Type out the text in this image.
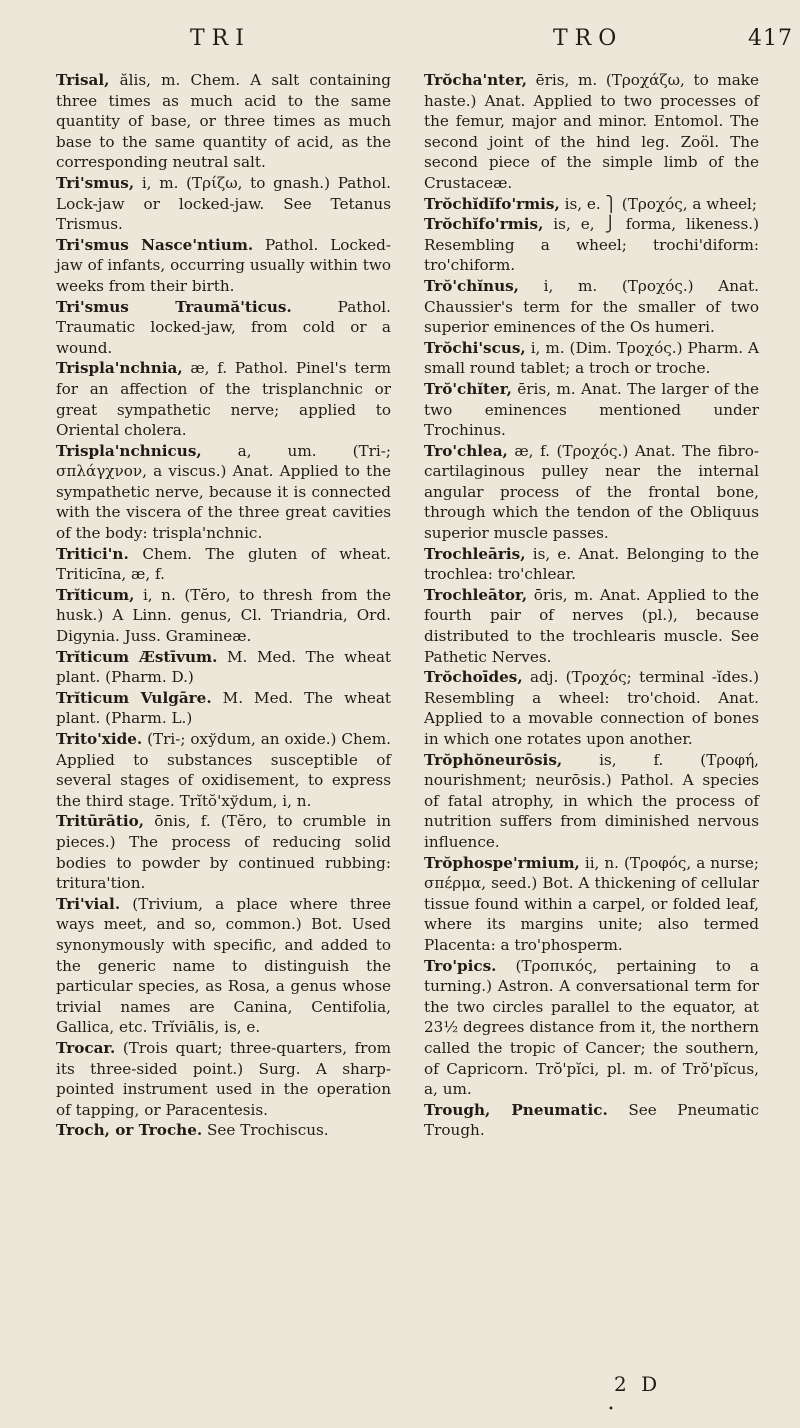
TRI	TRO	417

Trisal, ălis, m. Chem. A salt containing three times as much acid to the same quantity of base, or three times as much base to the same quantity of acid, as the corresponding neutral salt.

Tri'smus, i, m. (Τρίζω, to gnash.) Pathol. Lock-jaw or locked-jaw. See Tetanus Trismus.

Tri'smus Nasce'ntium. Pathol. Locked-jaw of infants, occurring usually within two weeks from their birth.

Tri'smus Traumă'ticus. Pathol. Traumatic locked-jaw, from cold or a wound.

Trispla'nchnia, æ, f. Pathol. Pinel's term for an affection of the trisplanchnic or great sympathetic nerve; applied to Oriental cholera.

Trispla'nchnicus, a, um. (Tri-; σπλάγχνον, a viscus.) Anat. Applied to the sympathetic nerve, because it is connected with the viscera of the three great cavities of the body: trispla'nchnic.

Tritici'n. Chem. The gluten of wheat. Triticīna, æ, f.

Trĭticum, i, n. (Tĕro, to thresh from the husk.) A Linn. genus, Cl. Triandria, Ord. Digynia. Juss. Gramineæ.

Trĭticum Æstīvum. M. Med. The wheat plant. (Pharm. D.)

Trĭticum Vulgāre. M. Med. The wheat plant. (Pharm. L.)

Trito'xide. (Tri-; oxўdum, an oxide.) Chem. Applied to substances susceptible of several stages of oxidisement, to express the third stage. Trĭtŏ'xўdum, i, n.

Tritūrātio, ōnis, f. (Tĕro, to crumble in pieces.) The process of reducing solid bodies to powder by continued rubbing: tritura'tion.

Tri'vial. (Trivium, a place where three ways meet, and so, common.) Bot. Used synonymously with specific, and added to the generic name to distinguish the particular species, as Rosa, a genus whose trivial names are Canina, Centifolia, Gallica, etc. Trĭviālis, is, e.

Trocar. (Trois quart; three-quarters, from its three-sided point.) Surg. A sharp-pointed instrument used in the operation of tapping, or Paracentesis.

Troch, or Troche. See Trochiscus.

Trŏcha'nter, ēris, m. (Τροχάζω, to make haste.) Anat. Applied to two processes of the femur, major and minor. Entomol. The second joint of the hind leg. Zoöl. The second piece of the simple limb of the Crustaceæ.

Trŏchĭdĭfo'rmis, is, e. ⎫ (Τροχός, a wheel;

Trŏchĭfo'rmis, is, e, ⎭ forma, likeness.) Resembling a wheel; trochi'diform: tro'chiform.

Trŏ'chĭnus, i, m. (Τροχός.) Anat. Chaussier's term for the smaller of two superior eminences of the Os humeri.

Trŏchi'scus, i, m. (Dim. Τροχός.) Pharm. A small round tablet; a troch or troche.

Trŏ'chĭter, ēris, m. Anat. The larger of the two eminences mentioned under Trochinus.

Tro'chlea, æ, f. (Τροχός.) Anat. The fibro-cartilaginous pulley near the internal angular process of the frontal bone, through which the tendon of the Obliquus superior muscle passes.

Trochleāris, is, e. Anat. Belonging to the trochlea: tro'chlear.

Trochleātor, ōris, m. Anat. Applied to the fourth pair of nerves (pl.), because distributed to the trochlearis muscle. See Pathetic Nerves.

Trŏchoīdes, adj. (Τροχός; terminal -ĭdes.) Resembling a wheel: tro'choid. Anat. Applied to a movable connection of bones in which one rotates upon another.

Trŏphŏneurōsis, is, f. (Τροφή, nourishment; neurōsis.) Pathol. A species of fatal atrophy, in which the process of nutrition suffers from diminished nervous influence.

Trŏphospe'rmium, ii, n. (Τροφός, a nurse; σπέρμα, seed.) Bot. A thickening of cellular tissue found within a carpel, or folded leaf, where its margins unite; also termed Placenta: a tro'phosperm.

Tro'pics. (Τροπικός, pertaining to a turning.) Astron. A conversational term for the two circles parallel to the equator, at 23½ degrees distance from it, the northern called the tropic of Cancer; the southern, of Capricorn. Trŏ'pĭci, pl. m. of Trŏ'pĭcus, a, um.

Trough, Pneumatic. See Pneumatic Trough.

2 D
•
